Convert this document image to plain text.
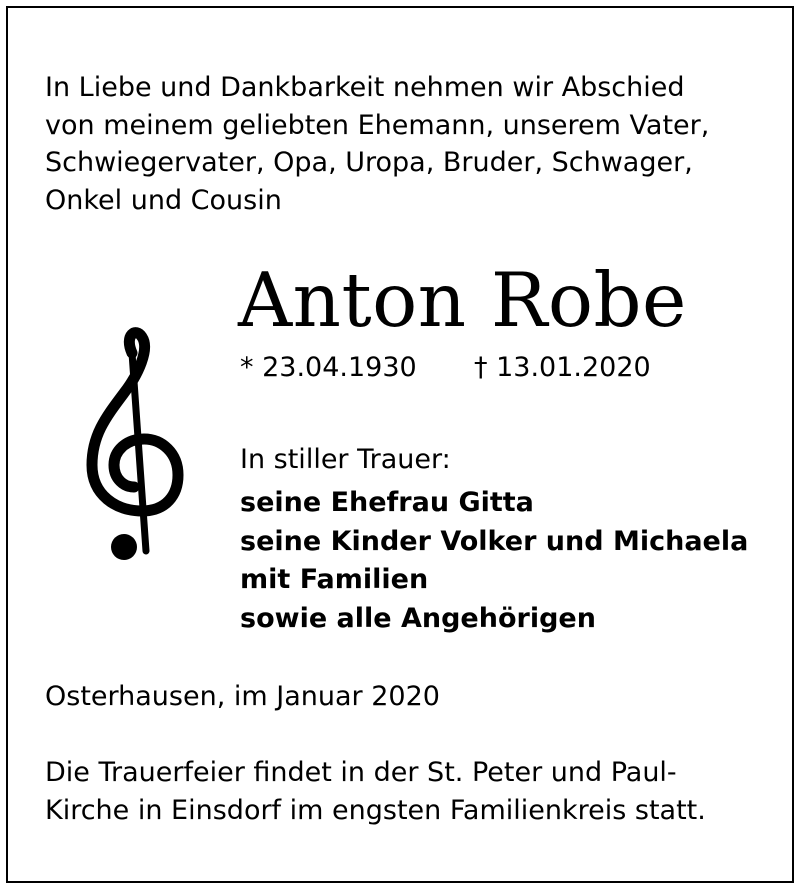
In Liebe und Dankbarkeit nehmen wir Abschied
von meinem geliebten Ehemann, unserem Vater,
Schwiegervater, Opa, Uropa, Bruder, Schwager,
Onkel und Cousin

Anton Robe
* 23.04.1930 † 13.01.2020
In stiller Trauer:

seine Ehefrau Gitta
seine Kinder Volker und Michaela
mit Familien
sowie alle Angehörigen

Osterhausen, im Januar 2020

Die Trauerfeier findet in der St. Peter und Paul-
Kirche in Einsdorf im engsten Familienkreis statt.
